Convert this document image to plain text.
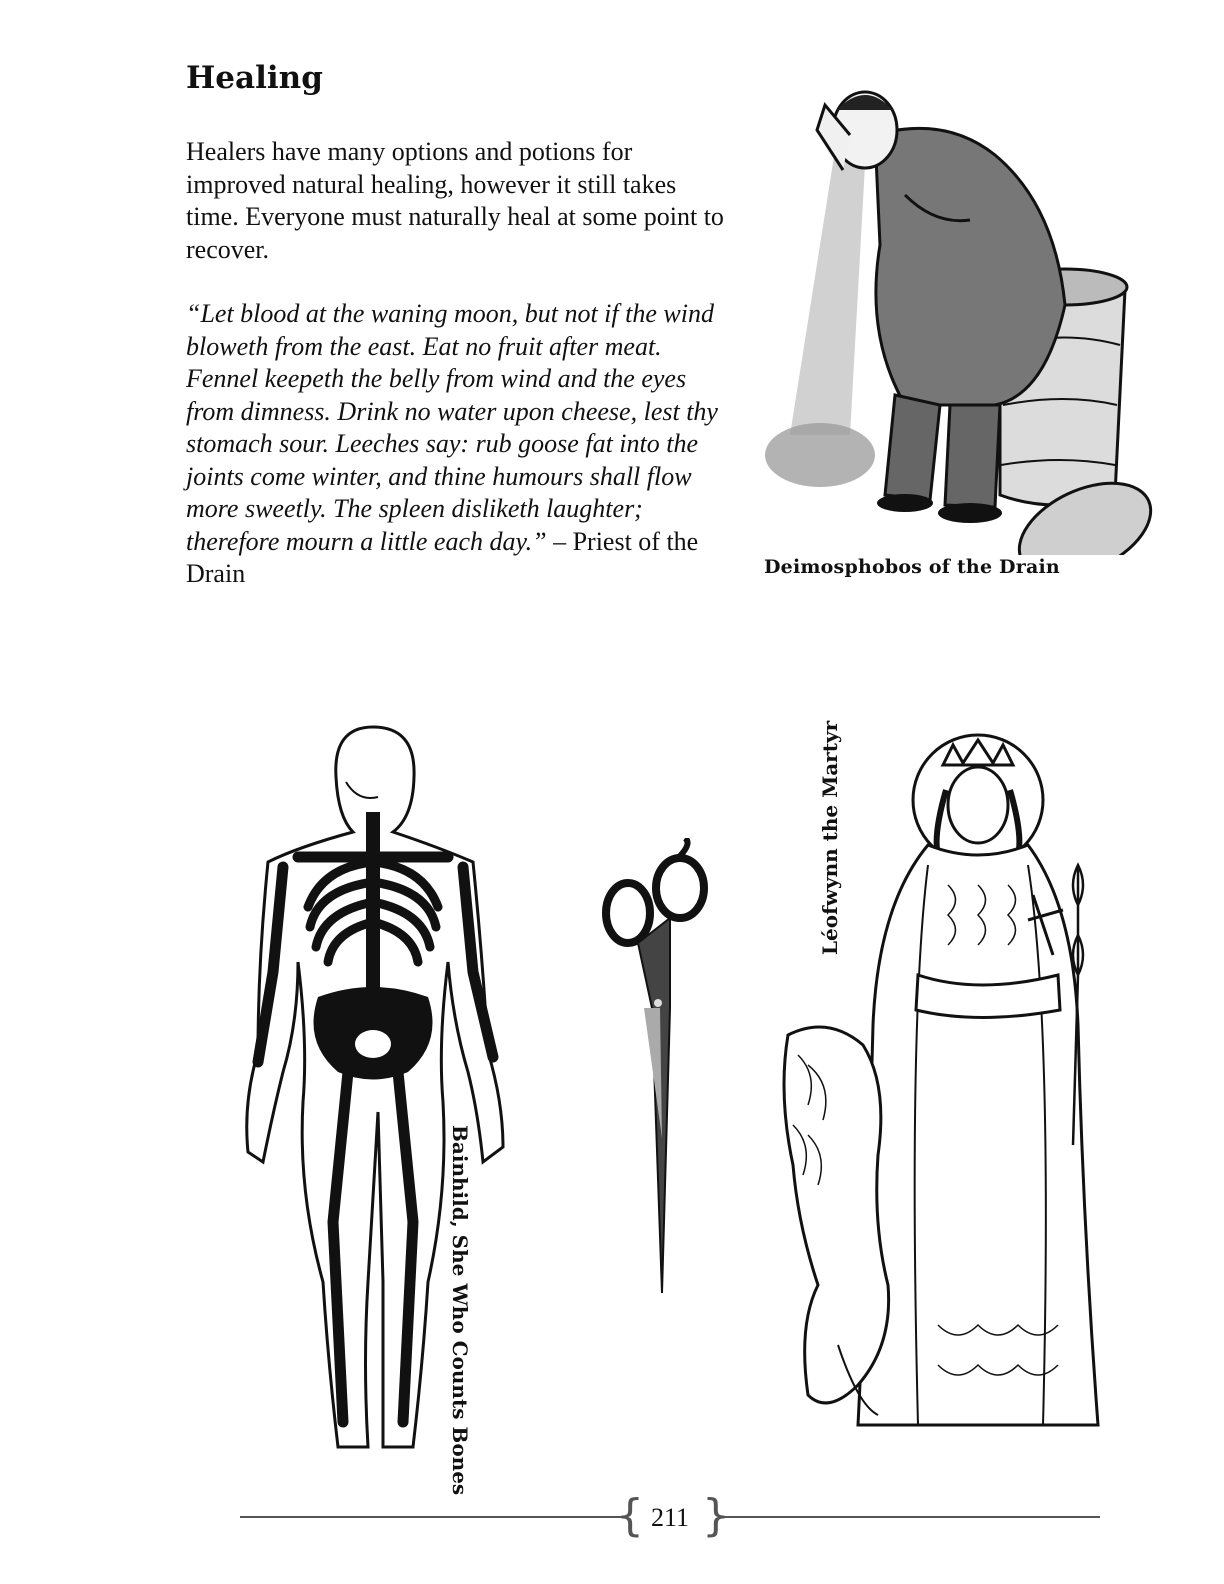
Healing

Healers have many options and potions for improved natural healing, however it still takes time. Everyone must naturally heal at some point to recover.

“Let blood at the waning moon, but not if the wind bloweth from the east. Eat no fruit after meat. Fennel keepeth the belly from wind and the eyes from dimness. Drink no water upon cheese, lest thy stomach sour. Leeches say: rub goose fat into the joints come winter, and thine humours shall flow more sweetly. The spleen disliketh laughter; therefore mourn a little each day.” – Priest of the Drain	Deimosphobos of the Drain
Bainhild, She Who Counts Bones
Léofwynn the Martyr
{ }
211
